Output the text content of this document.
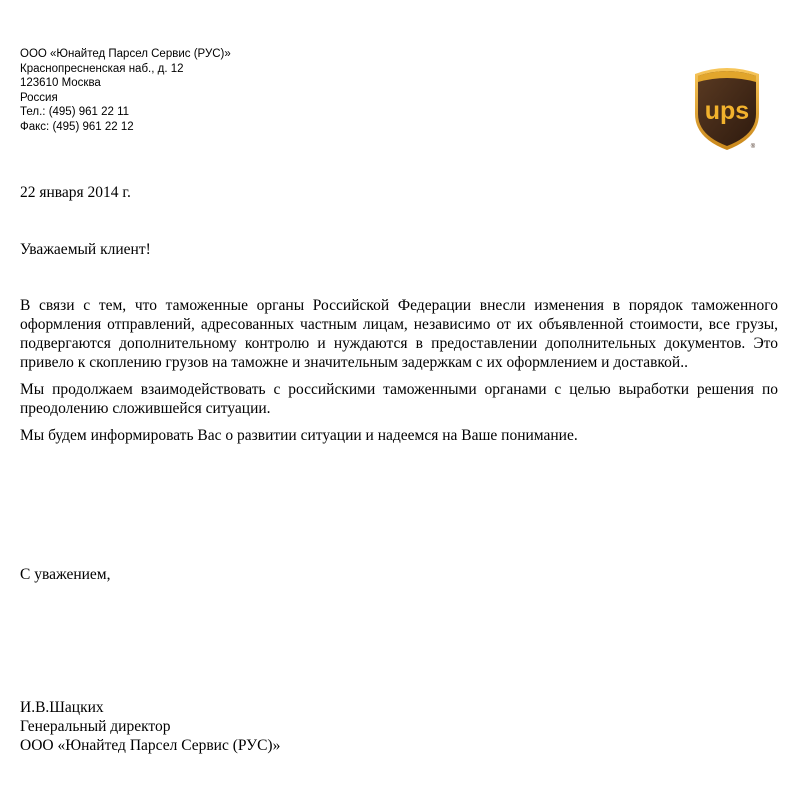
ООО «Юнайтед Парсел Сервис (РУС)»
Краснопресненская наб., д. 12
123610 Москва
Россия
Тел.: (495) 961 22 11
Факс: (495) 961 22 12
ups
®
22 января 2014 г.
Уважаемый клиент!

В связи с тем, что таможенные органы Российской Федерации внесли изменения в порядок таможенного оформления отправлений, адресованных частным лицам, независимо от их объявленной стоимости, все грузы, подвергаются дополнительному контролю и нуждаются в предоставлении дополнительных документов. Это привело к скоплению грузов на таможне и значительным задержкам с их оформлением и доставкой..

Мы продолжаем взаимодействовать с российскими таможенными органами с целью выработки решения по преодолению сложившейся ситуации.

Мы будем информировать Вас о развитии ситуации и надеемся на Ваше понимание.

С уважением,
И.В.Шацких
Генеральный директор
ООО «Юнайтед Парсел Сервис (РУС)»
